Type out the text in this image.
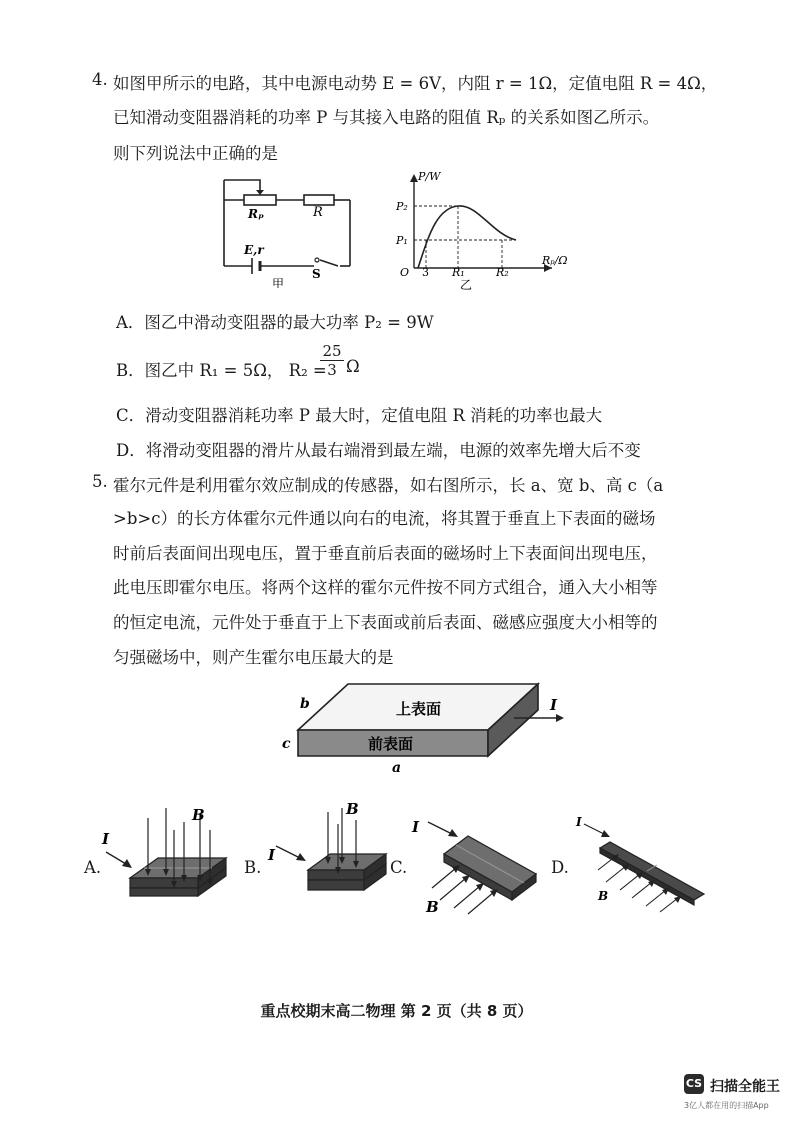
4. 如图甲所示的电路，其中电源电动势 E = 6V，内阻 r = 1Ω，定值电阻 R = 4Ω，
已知滑动变阻器消耗的功率 P 与其接入电路的阻值 Rₚ 的关系如图乙所示。
则下列说法中正确的是
Rₚ	R
E,r
S
甲
P/W
Rₚ/Ω
P₂
P₁
O 3 R₁	R₂
乙
A．图乙中滑动变阻器的最大功率 P₂ = 9W
B．图乙中 R₁ = 5Ω， R₂ =
$\frac{25}{3}$ Ω
C．滑动变阻器消耗功率 P 最大时，定值电阻 R 消耗的功率也最大
D．将滑动变阻器的滑片从最右端滑到最左端，电源的效率先增大后不变
5. 霍尔元件是利用霍尔效应制成的传感器，如右图所示，长 a、宽 b、高 c（a
>b>c）的长方体霍尔元件通以向右的电流，将其置于垂直上下表面的磁场
时前后表面间出现电压，置于垂直前后表面的磁场时上下表面间出现电压，
此电压即霍尔电压。将两个这样的霍尔元件按不同方式组合，通入大小相等
的恒定电流，元件处于垂直于上下表面或前后表面、磁感应强度大小相等的
匀强磁场中，则产生霍尔电压最大的是
上表面
前表面
b
c
a
I
A.
I
B
B.
I
B
C.
I
B
D.
I
B
重点校期末高二物理 第 2 页（共 8 页）
CS 扫描全能王
3亿人都在用的扫描App
